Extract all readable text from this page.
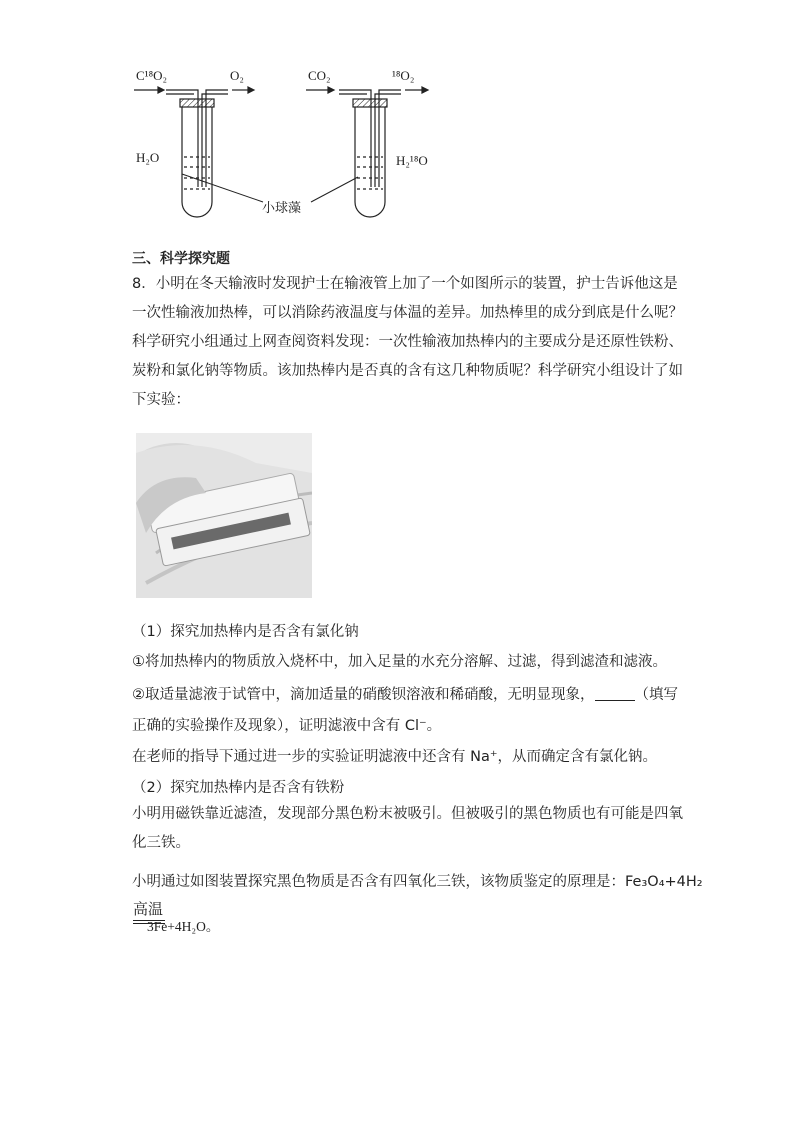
C¹⁸O₂	O₂	CO₂	¹⁸O₂
H₂O	H₂¹⁸O
小球藻
三、科学探究题

8．小明在冬天输液时发现护士在输液管上加了一个如图所示的装置，护士告诉他这是一次性输液加热棒，可以消除药液温度与体温的差异。加热棒里的成分到底是什么呢？科学研究小组通过上网查阅资料发现：一次性输液加热棒内的主要成分是还原性铁粉、炭粉和氯化钠等物质。该加热棒内是否真的含有这几种物质呢？科学研究小组设计了如下实验：

（1）探究加热棒内是否含有氯化钠
①将加热棒内的物质放入烧杯中，加入足量的水充分溶解、过滤，得到滤渣和滤液。
②取适量滤液于试管中，滴加适量的硝酸钡溶液和稀硝酸，无明显现象，	（填写
正确的实验操作及现象），证明滤液中含有 Cl⁻。
在老师的指导下通过进一步的实验证明滤液中还含有 Na⁺，从而确定含有氯化钠。
（2）探究加热棒内是否含有铁粉

小明用磁铁靠近滤渣，发现部分黑色粉末被吸引。但被吸引的黑色物质也有可能是四氧化三铁。

小明通过如图装置探究黑色物质是否含有四氧化三铁，该物质鉴定的原理是：Fe₃O₄+4H₂
高温
3Fe+4H₂O。
